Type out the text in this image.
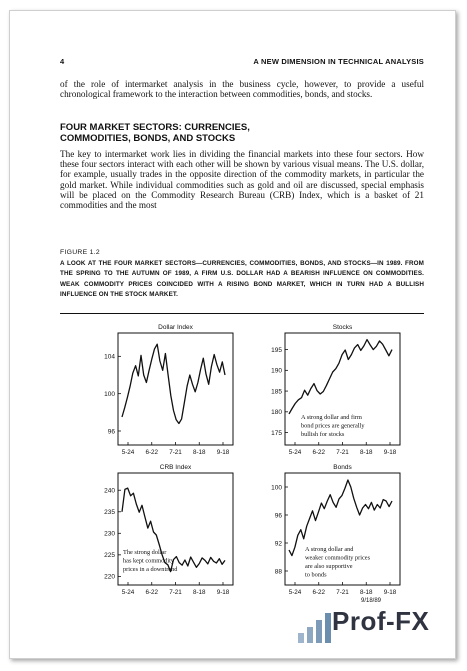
4	A NEW DIMENSION IN TECHNICAL ANALYSIS
of the role of intermarket analysis in the business cycle, however, to provide a useful chronological framework to the interaction between commodities, bonds, and stocks.
FOUR MARKET SECTORS: CURRENCIES,
COMMODITIES, BONDS, AND STOCKS
The key to intermarket work lies in dividing the financial markets into these four sectors. How these four sectors interact with each other will be shown by various visual means. The U.S. dollar, for example, usually trades in the opposite direction of the commodity markets, in particular the gold market. While individual commodities such as gold and oil are discussed, special emphasis will be placed on the Commodity Research Bureau (CRB) Index, which is a basket of 21 commodities and the most
FIGURE 1.2
A LOOK AT THE FOUR MARKET SECTORS—CURRENCIES, COMMODITIES, BONDS, AND STOCKS—IN 1989. FROM THE SPRING TO THE AUTUMN OF 1989, A FIRM U.S. DOLLAR HAD A BEARISH INFLUENCE ON COMMODITIES. WEAK COMMODITY PRICES COINCIDED WITH A RISING BOND MARKET, WHICH IN TURN HAD A BULLISH INFLUENCE ON THE STOCK MARKET.
Dollar Index
96
100
104
5-24 6-22 7-21 8-18 9-18
Stocks
175
180
185
190
195
5-24 6-22 7-21 8-18 9-18
A strong dollar and firm bond prices are generally bullish for stocks
CRB Index
220
225
230
235
240
5-24 6-22 7-21 8-18 9-18
The strong dollar has kept commodity prices in a downtrend
Bonds
88
92
96
100
5-24 6-22 7-21 8-18 9-18
A strong dollar and weaker commodity prices are also supportive to bonds
9/18/89
Prof-FX
